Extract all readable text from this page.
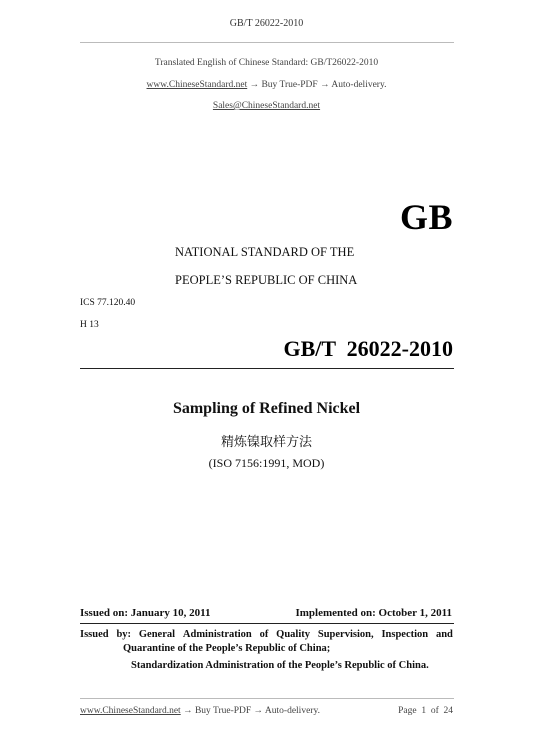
GB/T 26022-2010
Translated English of Chinese Standard: GB/T26022-2010
www.ChineseStandard.net → Buy True-PDF → Auto-delivery.
Sales@ChineseStandard.net
GB
NATIONAL STANDARD OF THE
PEOPLE’S REPUBLIC OF CHINA
ICS 77.120.40
H 13
GB/T  26022-2010
Sampling of Refined Nickel
精炼镍取样方法
(ISO 7156:1991, MOD)
Issued on: January 10, 2011	Implemented on: October 1, 2011
Issued by: General Administration of Quality Supervision, Inspection and
Quarantine of the People’s Republic of China;
Standardization Administration of the People’s Republic of China.
www.ChineseStandard.net → Buy True-PDF → Auto-delivery.	Page 1 of 24
